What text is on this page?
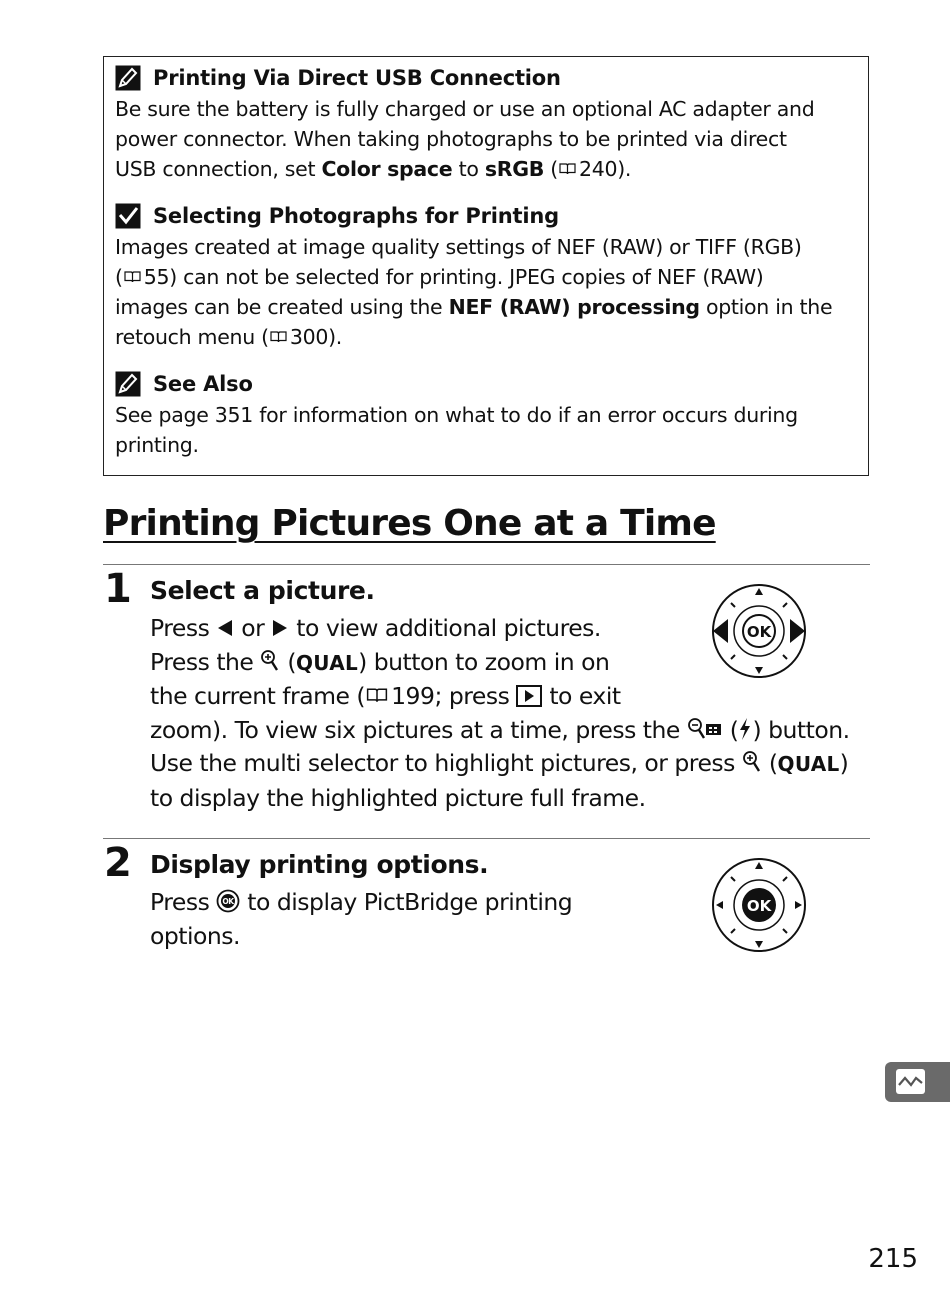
Printing Via Direct USB Connection

Be sure the battery is fully charged or use an optional AC adapter and
power connector. When taking photographs to be printed via direct
USB connection, set Color space to sRGB ( 240).

Selecting Photographs for Printing

Images created at image quality settings of NEF (RAW) or TIFF (RGB)
( 55) can not be selected for printing. JPEG copies of NEF (RAW)
images can be created using the NEF (RAW) processing option in the
retouch menu ( 300).

See Also

See page 351 for information on what to do if an error occurs during
printing.

Printing Pictures One at a Time
1 Select a picture.
Press  or  to view additional pictures.
Press the  (QUAL) button to zoom in on
the current frame ( 199; press  to exit
zoom). To view six pictures at a time, press the  ( ) button.
Use the multi selector to highlight pictures, or press  (QUAL)
to display the highlighted picture full frame.
OK
2 Display printing options.
Press OK to display PictBridge printing
options.
OK
215
